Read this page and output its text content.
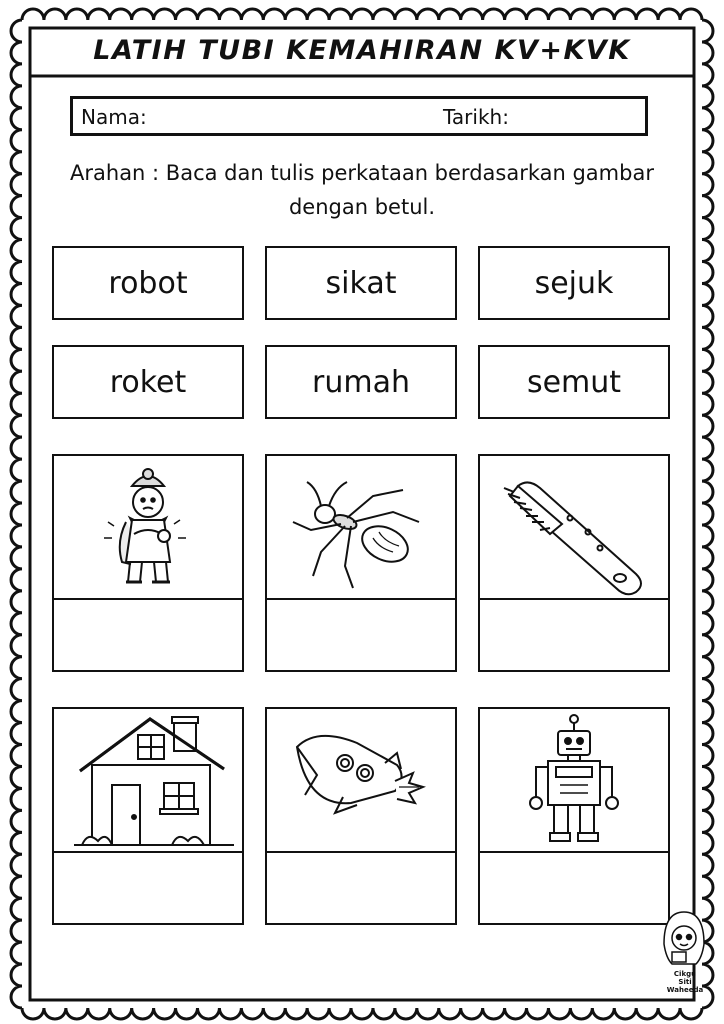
LATIH TUBI KEMAHIRAN KV+KVK
Nama:	Tarikh:
Arahan : Baca dan tulis perkataan berdasarkan gambar dengan betul.
robot	sikat	sejuk
roket	rumah	semut
Cikgu
Siti
Waheeda
